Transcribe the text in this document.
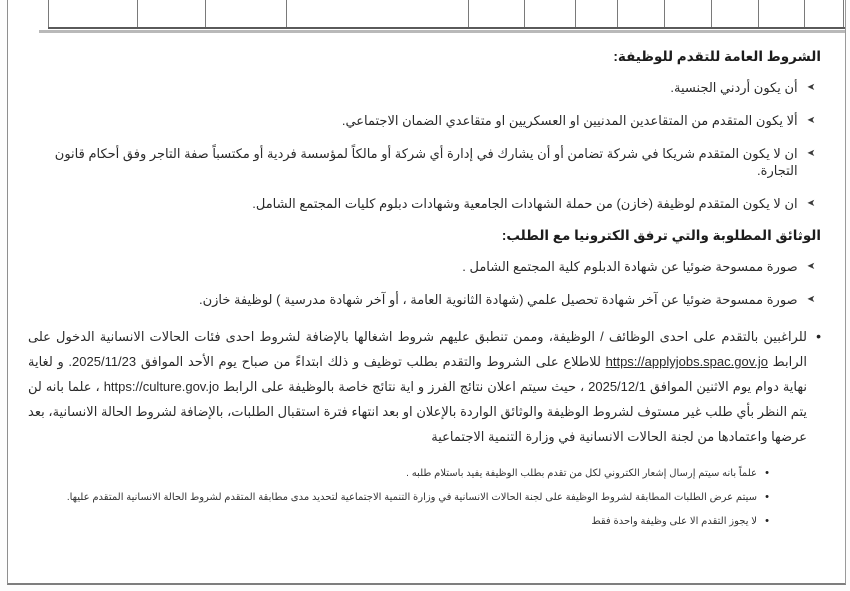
الشروط العامة للتقدم للوظيفة:
➤
أن يكون أردني الجنسية.
➤
ألا يكون المتقدم من المتقاعدين المدنيين او العسكريين او متقاعدي الضمان الاجتماعي.
➤
ان لا يكون المتقدم شريكا في شركة تضامن أو أن يشارك في إدارة أي شركة أو مالكاً لمؤسسة فردية أو مكتسباً صفة التاجر وفق أحكام قانون التجارة.
➤
ان لا يكون المتقدم لوظيفة (خازن) من حملة الشهادات الجامعية وشهادات دبلوم كليات المجتمع الشامل.
الوثائق المطلوبة والتي ترفق الكترونيا مع الطلب:
➤
صورة ممسوحة ضوئيا عن شهادة الدبلوم كلية المجتمع الشامل .
➤
صورة ممسوحة ضوئيا عن آخر شهادة تحصيل علمي (شهادة الثانوية العامة ، أو آخر شهادة مدرسية ) لوظيفة خازن.
•
للراغبين بالتقدم على احدى الوظائف / الوظيفة، وممن تنطبق عليهم شروط اشغالها بالإضافة لشروط احدى فئات الحالات الانسانية الدخول على الرابط https://applyjobs.spac.gov.jo للاطلاع على الشروط والتقدم بطلب توظيف و ذلك ابتداءً من صباح يوم الأحد الموافق 2025/11/23. و لغاية نهاية دوام يوم الاثنين الموافق 2025/12/1 ، حيث سيتم اعلان نتائج الفرز و اية نتائج خاصة بالوظيفة على الرابط https://culture.gov.jo ، علما بانه لن يتم النظر بأي طلب غير مستوف لشروط الوظيفة والوثائق الواردة بالإعلان او بعد انتهاء فترة استقبال الطلبات، بالإضافة لشروط الحالة الانسانية، بعد عرضها واعتمادها من لجنة الحالات الانسانية في وزارة التنمية الاجتماعية
•
علماً بانه سيتم إرسال إشعار الكتروني لكل من تقدم بطلب الوظيفة يفيد باستلام طلبه .
•
سيتم عرض الطلبات المطابقة لشروط الوظيفة على لجنة الحالات الانسانية في وزارة التنمية الاجتماعية لتحديد مدى مطابقة المتقدم لشروط الحالة الانسانية المتقدم عليها.
•
لا يجوز التقدم الا على وظيفة واحدة فقط
